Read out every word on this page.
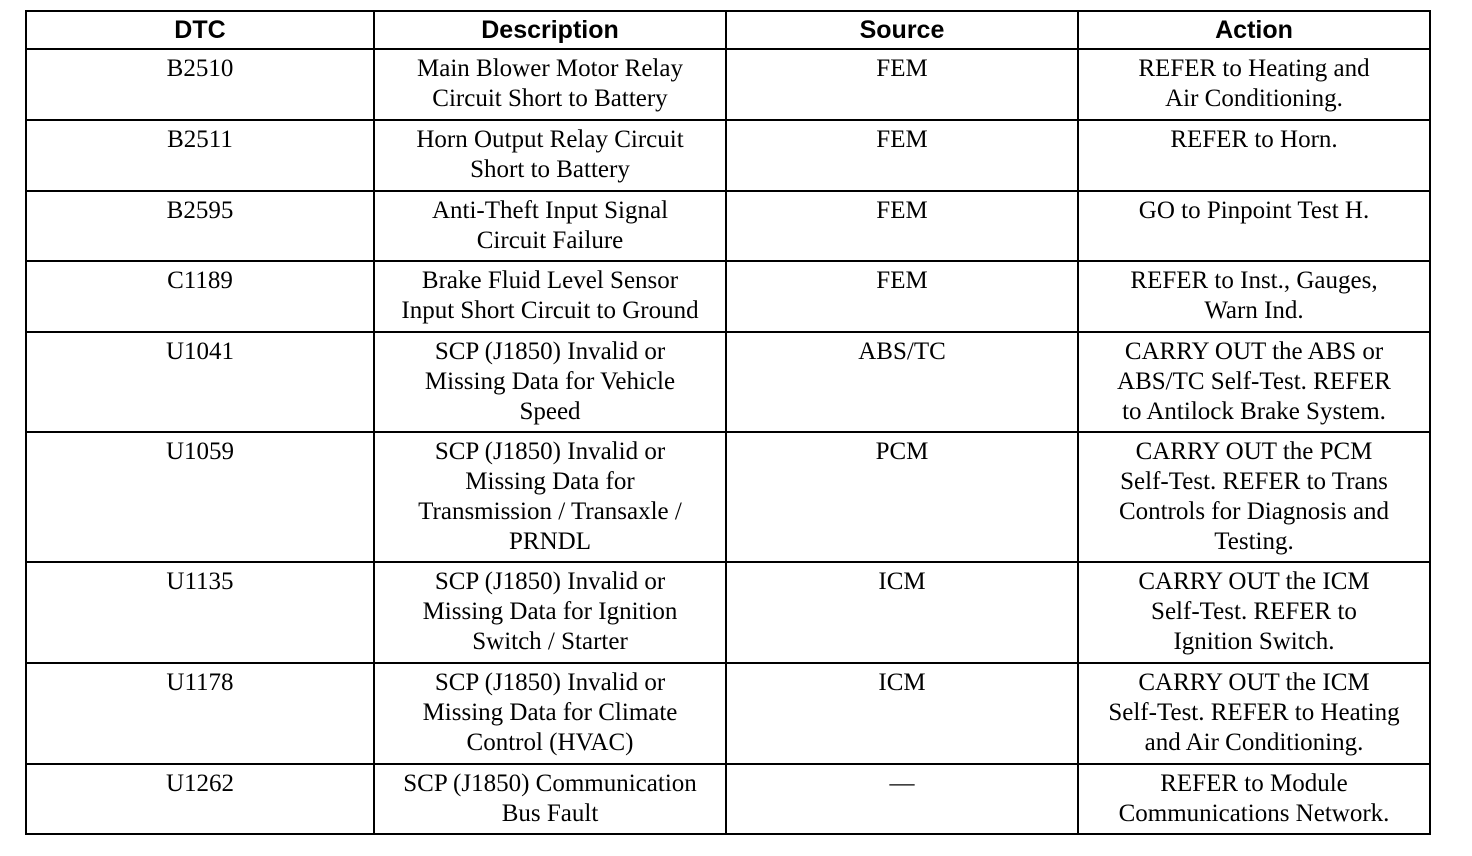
DTC	Description	Source	Action
B2510	Main Blower Motor Relay
Circuit Short to Battery	FEM	REFER to Heating and
Air Conditioning.
B2511	Horn Output Relay Circuit
Short to Battery	FEM	REFER to Horn.
B2595	Anti-Theft Input Signal
Circuit Failure	FEM	GO to Pinpoint Test H.
C1189	Brake Fluid Level Sensor
Input Short Circuit to Ground	FEM	REFER to Inst., Gauges,
Warn Ind.
U1041	SCP (J1850) Invalid or
Missing Data for Vehicle
Speed	ABS/TC	CARRY OUT the ABS or
ABS/TC Self-Test. REFER
to Antilock Brake System.
U1059	SCP (J1850) Invalid or
Missing Data for
Transmission / Transaxle /
PRNDL	PCM	CARRY OUT the PCM
Self-Test. REFER to Trans
Controls for Diagnosis and
Testing.
U1135	SCP (J1850) Invalid or
Missing Data for Ignition
Switch / Starter	ICM	CARRY OUT the ICM
Self-Test. REFER to
Ignition Switch.
U1178	SCP (J1850) Invalid or
Missing Data for Climate
Control (HVAC)	ICM	CARRY OUT the ICM
Self-Test. REFER to Heating
and Air Conditioning.
U1262	SCP (J1850) Communication
Bus Fault	—	REFER to Module
Communications Network.
